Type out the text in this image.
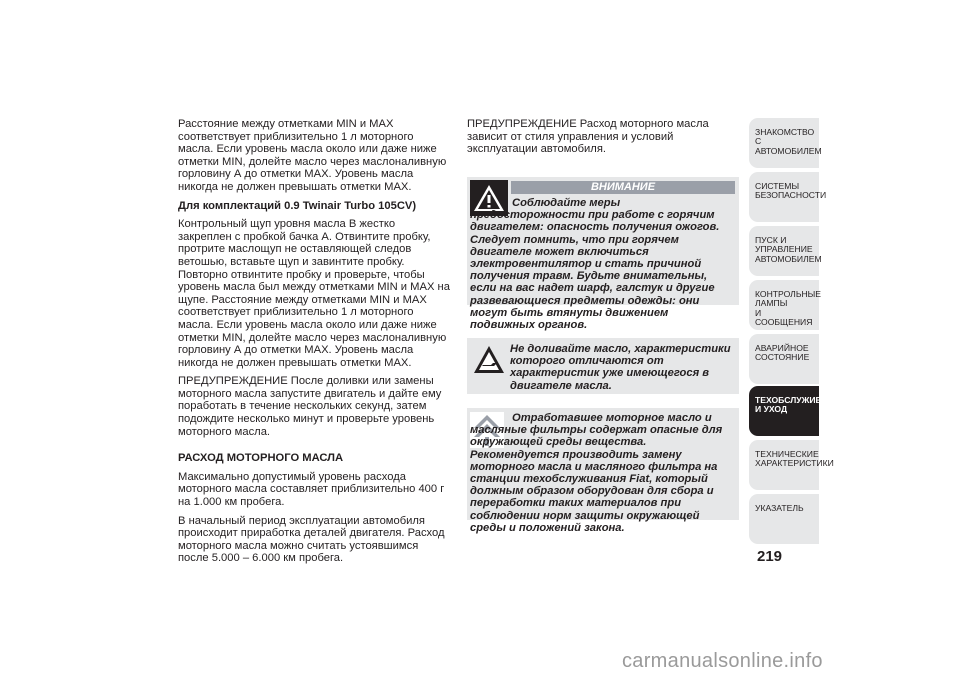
Расстояние между отметками MIN и MAX соответствует приблизительно 1 л моторного масла. Если уровень масла около или даже ниже отметки MIN, долейте масло через маслоналивную горловину А до отметки MAX. Уровень масла никогда не должен превышать отметки MAX.

Для комплектаций 0.9 Twinair Turbo 105CV)

Контрольный щуп уровня масла B жестко закреплен с пробкой бачка А. Отвинтите пробку, протрите маслощуп не оставляющей следов ветошью, вставьте щуп и завинтите пробку. Повторно отвинтите пробку и проверьте, чтобы уровень масла был между отметками MIN и MAX на щупе. Расстояние между отметками MIN и MAX соответствует приблизительно 1 л моторного масла. Если уровень масла около или даже ниже отметки MIN, долейте масло через маслоналивную горловину А до отметки MAX. Уровень масла никогда не должен превышать отметки MAX.

ПРЕДУПРЕЖДЕНИЕ После доливки или замены моторного масла запустите двигатель и дайте ему поработать в течение нескольких секунд, затем подождите несколько минут и проверьте уровень моторного масла.

РАСХОД МОТОРНОГО МАСЛА

Максимально допустимый уровень расхода моторного масла составляет приблизительно 400 г на 1.000 км пробега.

В начальный период эксплуатации автомобиля происходит приработка деталей двигателя. Расход моторного масла можно считать устоявшимся после 5.000 – 6.000 км пробега.

ПРЕДУПРЕЖДЕНИЕ Расход моторного масла зависит от стиля управления и условий эксплуатации автомобиля.

ВНИМАНИЕ
Соблюдайте меры предосторожности при работе с горячим двигателем: опасность получения ожогов. Следует помнить, что при горячем двигателе может включиться электровентилятор и стать причиной получения травм. Будьте внимательны, если на вас надет шарф, галстук и другие развевающиеся предметы одежды: они могут быть втянуты движением подвижных органов.
Не доливайте масло, характеристики которого отличаются от характеристик уже имеющегося в двигателе масла.
Отработавшее моторное масло и масляные фильтры содержат опасные для окружающей среды вещества. Рекомендуется производить замену моторного масла и масляного фильтра на станции техобслуживания Fiat, который должным образом оборудован для сбора и переработки таких материалов при соблюдении норм защиты окружающей среды и положений закона.
ЗНАКОМСТВО С
АВТОМОБИЛЕМ
СИСТЕМЫ
БЕЗОПАСНОСТИ
ПУСК И УПРАВЛЕНИЕ
АВТОМОБИЛЕМ
КОНТРОЛЬНЫЕ
ЛАМПЫ
И СООБЩЕНИЯ
АВАРИЙНОЕ
СОСТОЯНИЕ
ТЕХОБСЛУЖИВАНИЕ
И УХОД
ТЕХНИЧЕСКИЕ
ХАРАКТЕРИСТИКИ
УКАЗАТЕЛЬ
219
carmanualsonline.info
